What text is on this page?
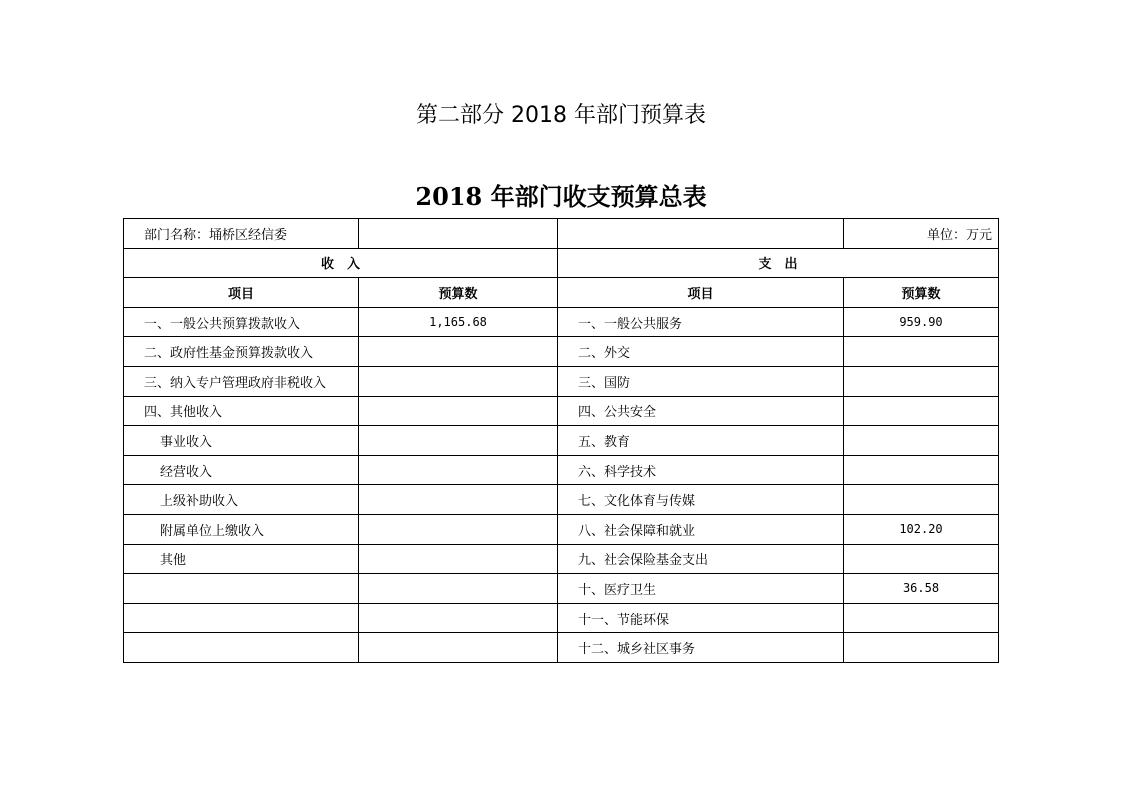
第二部分 2018 年部门预算表
2018 年部门收支预算总表
部门名称：埇桥区经信委			单位：万元
收　入		支　出	
项目	预算数	项目	预算数
一、一般公共预算拨款收入	1,165.68	一、一般公共服务	959.90
二、政府性基金预算拨款收入		二、外交	
三、纳入专户管理政府非税收入		三、国防	
四、其他收入		四、公共安全	
事业收入		五、教育	
经营收入		六、科学技术	
上级补助收入		七、文化体育与传媒	
附属单位上缴收入		八、社会保障和就业	102.20
其他		九、社会保险基金支出	
		十、医疗卫生	36.58
		十一、节能环保	
		十二、城乡社区事务	
